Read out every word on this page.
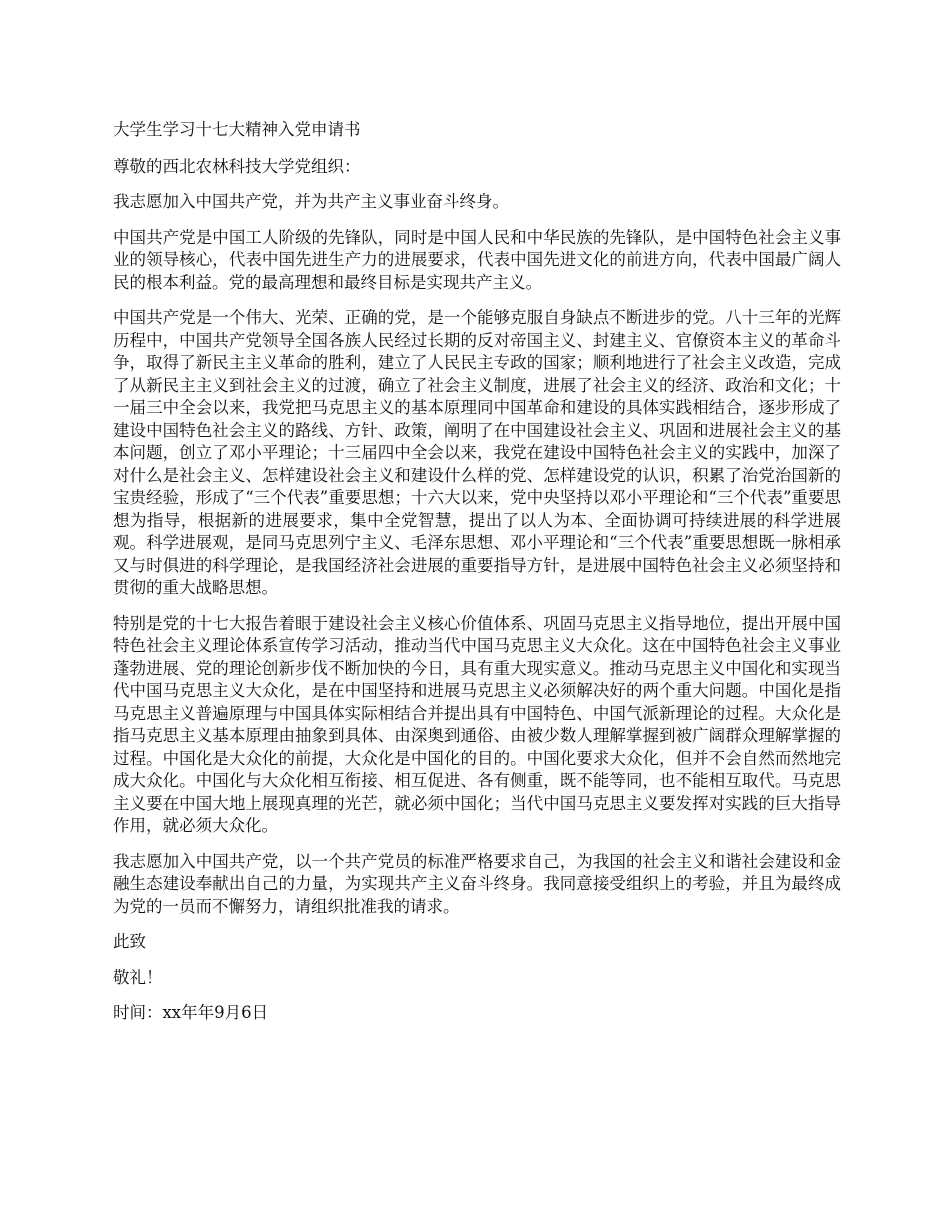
大学生学习十七大精神入党申请书

尊敬的西北农林科技大学党组织：

我志愿加入中国共产党，并为共产主义事业奋斗终身。

中国共产党是中国工人阶级的先锋队，同时是中国人民和中华民族的先锋队，是中国特色社会主义事业的领导核心，代表中国先进生产力的进展要求，代表中国先进文化的前进方向，代表中国最广阔人民的根本利益。党的最高理想和最终目标是实现共产主义。

中国共产党是一个伟大、光荣、正确的党，是一个能够克服自身缺点不断进步的党。八十三年的光辉历程中，中国共产党领导全国各族人民经过长期的反对帝国主义、封建主义、官僚资本主义的革命斗争，取得了新民主主义革命的胜利，建立了人民民主专政的国家；顺利地进行了社会主义改造，完成了从新民主主义到社会主义的过渡，确立了社会主义制度，进展了社会主义的经济、政治和文化；十一届三中全会以来，我党把马克思主义的基本原理同中国革命和建设的具体实践相结合，逐步形成了建设中国特色社会主义的路线、方针、政策，阐明了在中国建设社会主义、巩固和进展社会主义的基本问题，创立了邓小平理论；十三届四中全会以来，我党在建设中国特色社会主义的实践中，加深了对什么是社会主义、怎样建设社会主义和建设什么样的党、怎样建设党的认识，积累了治党治国新的宝贵经验，形成了“三个代表”重要思想；十六大以来，党中央坚持以邓小平理论和“三个代表”重要思想为指导，根据新的进展要求，集中全党智慧，提出了以人为本、全面协调可持续进展的科学进展观。科学进展观，是同马克思列宁主义、毛泽东思想、邓小平理论和“三个代表”重要思想既一脉相承又与时俱进的科学理论，是我国经济社会进展的重要指导方针，是进展中国特色社会主义必须坚持和贯彻的重大战略思想。

特别是党的十七大报告着眼于建设社会主义核心价值体系、巩固马克思主义指导地位，提出开展中国特色社会主义理论体系宣传学习活动，推动当代中国马克思主义大众化。这在中国特色社会主义事业蓬勃进展、党的理论创新步伐不断加快的今日，具有重大现实意义。推动马克思主义中国化和实现当代中国马克思主义大众化，是在中国坚持和进展马克思主义必须解决好的两个重大问题。中国化是指马克思主义普遍原理与中国具体实际相结合并提出具有中国特色、中国气派新理论的过程。大众化是指马克思主义基本原理由抽象到具体、由深奥到通俗、由被少数人理解掌握到被广阔群众理解掌握的过程。中国化是大众化的前提，大众化是中国化的目的。中国化要求大众化，但并不会自然而然地完成大众化。中国化与大众化相互衔接、相互促进、各有侧重，既不能等同，也不能相互取代。马克思主义要在中国大地上展现真理的光芒，就必须中国化；当代中国马克思主义要发挥对实践的巨大指导作用，就必须大众化。

我志愿加入中国共产党，以一个共产党员的标准严格要求自己，为我国的社会主义和谐社会建设和金融生态建设奉献出自己的力量，为实现共产主义奋斗终身。我同意接受组织上的考验，并且为最终成为党的一员而不懈努力，请组织批准我的请求。

此致

敬礼！

时间：xx年年9月6日
